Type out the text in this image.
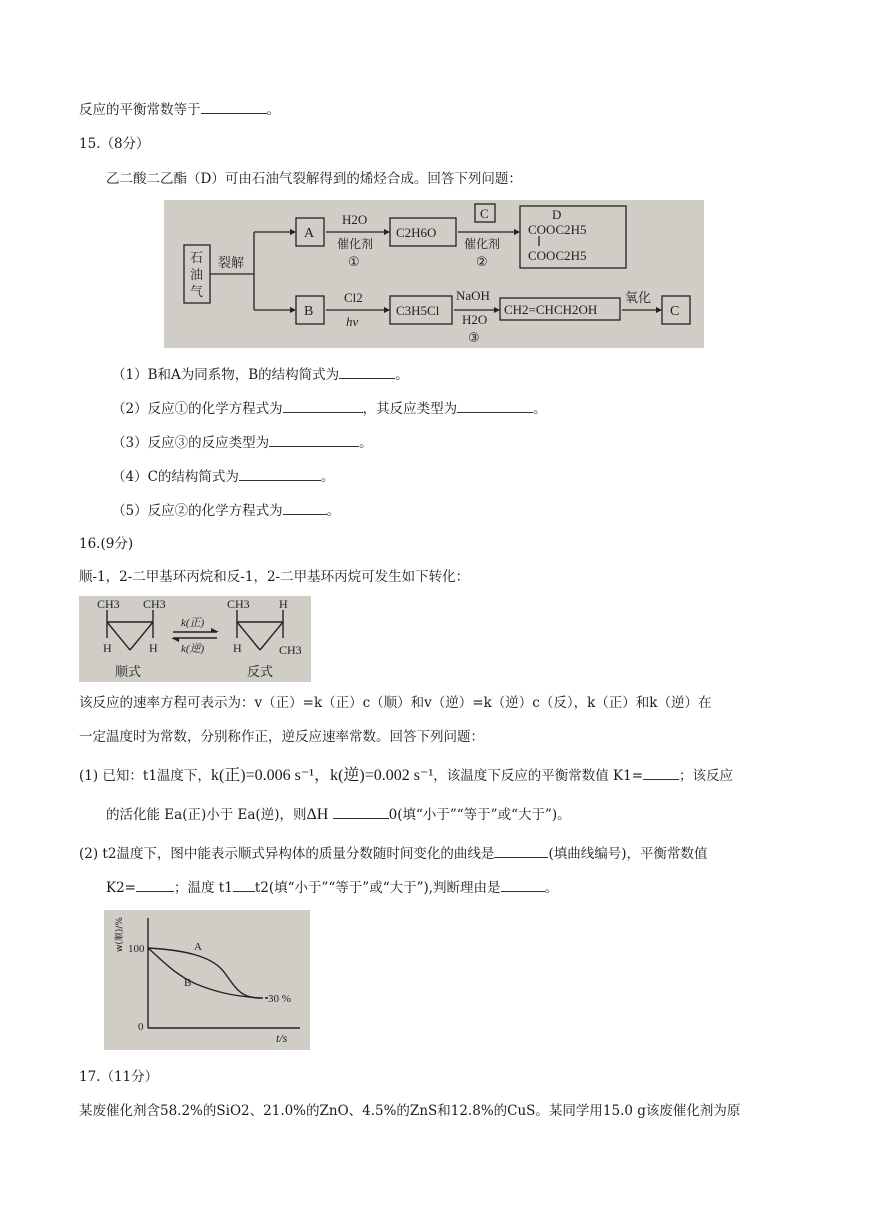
反应的平衡常数等于	。
15.（8分）
乙二酸二乙酯（D）可由石油气裂解得到的烯烃合成。回答下列问题：
石油气
裂解
A
H2O
催化剂
①
C2H6O
C
催化剂
②
D
COOC2H5
COOC2H5
B
Cl2
hv
C3H5Cl
NaOH
H2O
③
CH2=CHCH2OH
氧化
C
（1）B和A为同系物，B的结构简式为	。
（2）反应①的化学方程式为	，其反应类型为	。
（3）反应③的反应类型为	。
（4）C的结构简式为	。
（5）反应②的化学方程式为	。
16.(9分)
顺-1，2-二甲基环丙烷和反-1，2-二甲基环丙烷可发生如下转化：
CH3 CH3
H	H
顺式
k(正)
k(逆)
CH3 H
H	CH3
反式
该反应的速率方程可表示为：v（正）=k（正）c（顺）和v（逆）=k（逆）c（反），k（正）和k（逆）在
一定温度时为常数，分别称作正，逆反应速率常数。回答下列问题：
(1) 已知：t1温度下，k(正)=0.006 s⁻¹，k(逆)=0.002 s⁻¹，该温度下反应的平衡常数值 K1=	；该反应
的活化能 Ea(正)小于 Ea(逆)，则ΔH	0(填“小于”“等于”或“大于”)。
(2) t2温度下，图中能表示顺式异构体的质量分数随时间变化的曲线是	(填曲线编号)，平衡常数值
K2=	；温度 t1 t2(填“小于”“等于”或“大于”),判断理由是	。
w(顺)/% 100
0
t/s
A
B
30 %
17.（11分）
某废催化剂含58.2%的SiO2、21.0%的ZnO、4.5%的ZnS和12.8%的CuS。某同学用15.0 g该废催化剂为原
